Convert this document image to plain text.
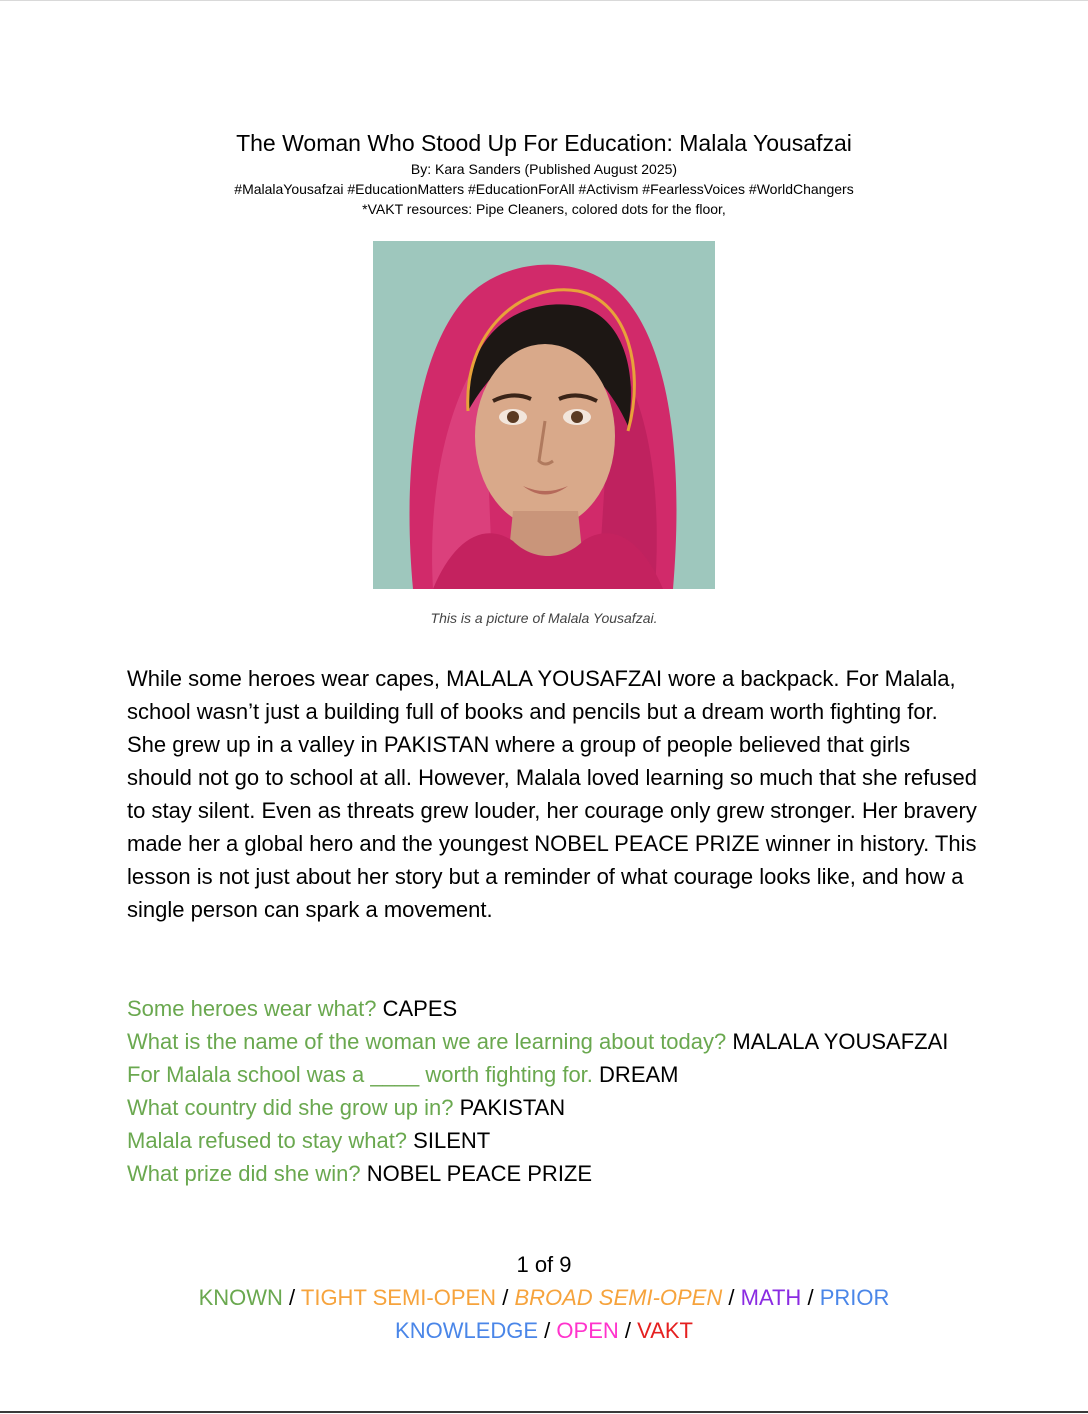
The Woman Who Stood Up For Education: Malala Yousafzai

By: Kara Sanders (Published August 2025)

#MalalaYousafzai #EducationMatters #EducationForAll #Activism #FearlessVoices #WorldChangers

*VAKT resources: Pipe Cleaners, colored dots for the floor,

This is a picture of Malala Yousafzai.

While some heroes wear capes, MALALA YOUSAFZAI wore a backpack. For Malala, school wasn’t just a building full of books and pencils but a dream worth fighting for. She grew up in a valley in PAKISTAN where a group of people believed that girls should not go to school at all. However, Malala loved learning so much that she refused to stay silent. Even as threats grew louder, her courage only grew stronger. Her bravery made her a global hero and the youngest NOBEL PEACE PRIZE winner in history. This lesson is not just about her story but a reminder of what courage looks like, and how a single person can spark a movement.

Some heroes wear what? CAPES

What is the name of the woman we are learning about today? MALALA YOUSAFZAI

For Malala school was a ____ worth fighting for. DREAM

What country did she grow up in? PAKISTAN

Malala refused to stay what? SILENT

What prize did she win? NOBEL PEACE PRIZE

1 of 9

KNOWN / TIGHT SEMI-OPEN / BROAD SEMI-OPEN / MATH / PRIOR KNOWLEDGE / OPEN / VAKT
